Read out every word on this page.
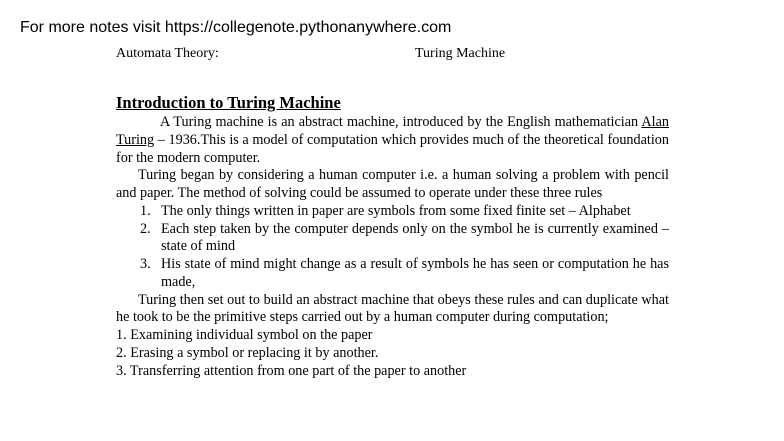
For more notes visit https://collegenote.pythonanywhere.com
Automata Theory:	Turing Machine
Introduction to Turing Machine

A Turing machine is an abstract machine, introduced by the English mathematician Alan Turing – 1936.This is a model of computation which provides much of the theoretical foundation for the modern computer.

Turing began by considering a human computer i.e. a human solving a problem with pencil and paper. The method of solving could be assumed to operate under these three rules

1. The only things written in paper are symbols from some fixed finite set – Alphabet
2. Each step taken by the computer depends only on the symbol he is currently examined – state of mind
3. His state of mind might change as a result of symbols he has seen or computation he has made,

Turing then set out to build an abstract machine that obeys these rules and can duplicate what he took to be the primitive steps carried out by a human computer during computation;

1. Examining individual symbol on the paper
2. Erasing a symbol or replacing it by another.
3. Transferring attention from one part of the paper to another
